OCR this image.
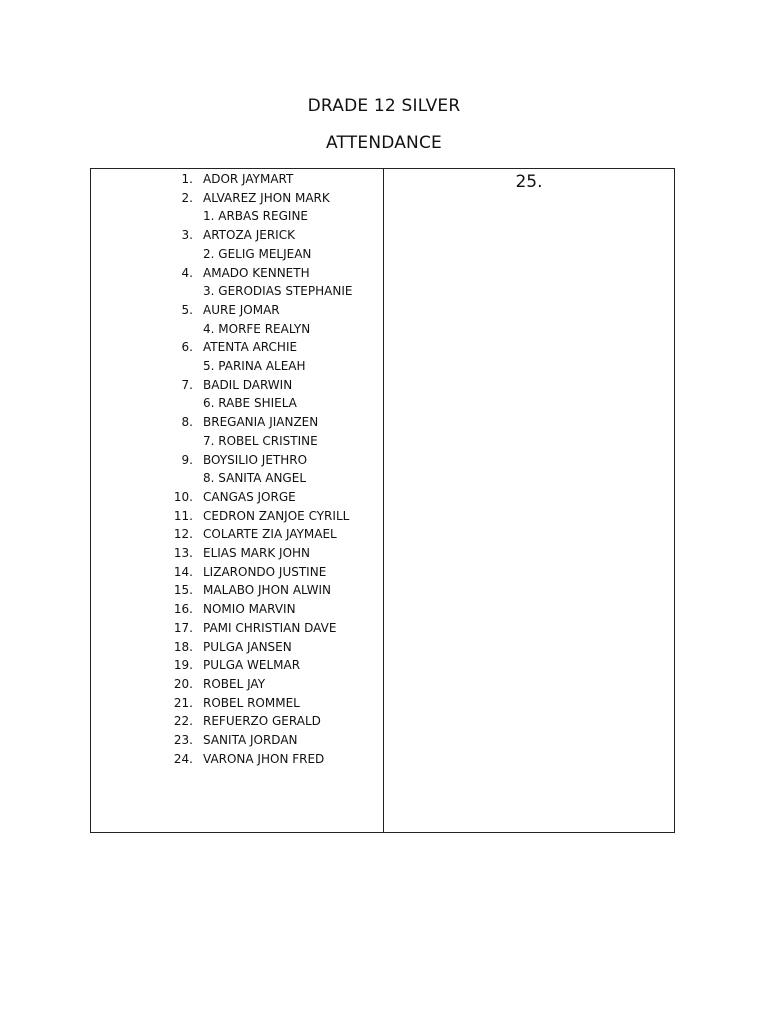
DRADE 12 SILVER
ATTENDANCE
1. ADOR JAYMART
2. ALVAREZ JHON MARK
1. ARBAS REGINE
3. ARTOZA JERICK
2. GELIG MELJEAN
4. AMADO KENNETH
3. GERODIAS STEPHANIE
5. AURE JOMAR
4. MORFE REALYN
6. ATENTA ARCHIE
5. PARINA ALEAH
7. BADIL DARWIN
6. RABE SHIELA
8. BREGANIA JIANZEN
7. ROBEL CRISTINE
9. BOYSILIO JETHRO
8. SANITA ANGEL
10. CANGAS JORGE
11. CEDRON ZANJOE CYRILL
12. COLARTE ZIA JAYMAEL
13. ELIAS MARK JOHN
14. LIZARONDO JUSTINE
15. MALABO JHON ALWIN
16. NOMIO MARVIN
17. PAMI CHRISTIAN DAVE
18. PULGA JANSEN
19. PULGA WELMAR
20. ROBEL JAY
21. ROBEL ROMMEL
22. REFUERZO GERALD
23. SANITA JORDAN
24. VARONA JHON FRED
25.
